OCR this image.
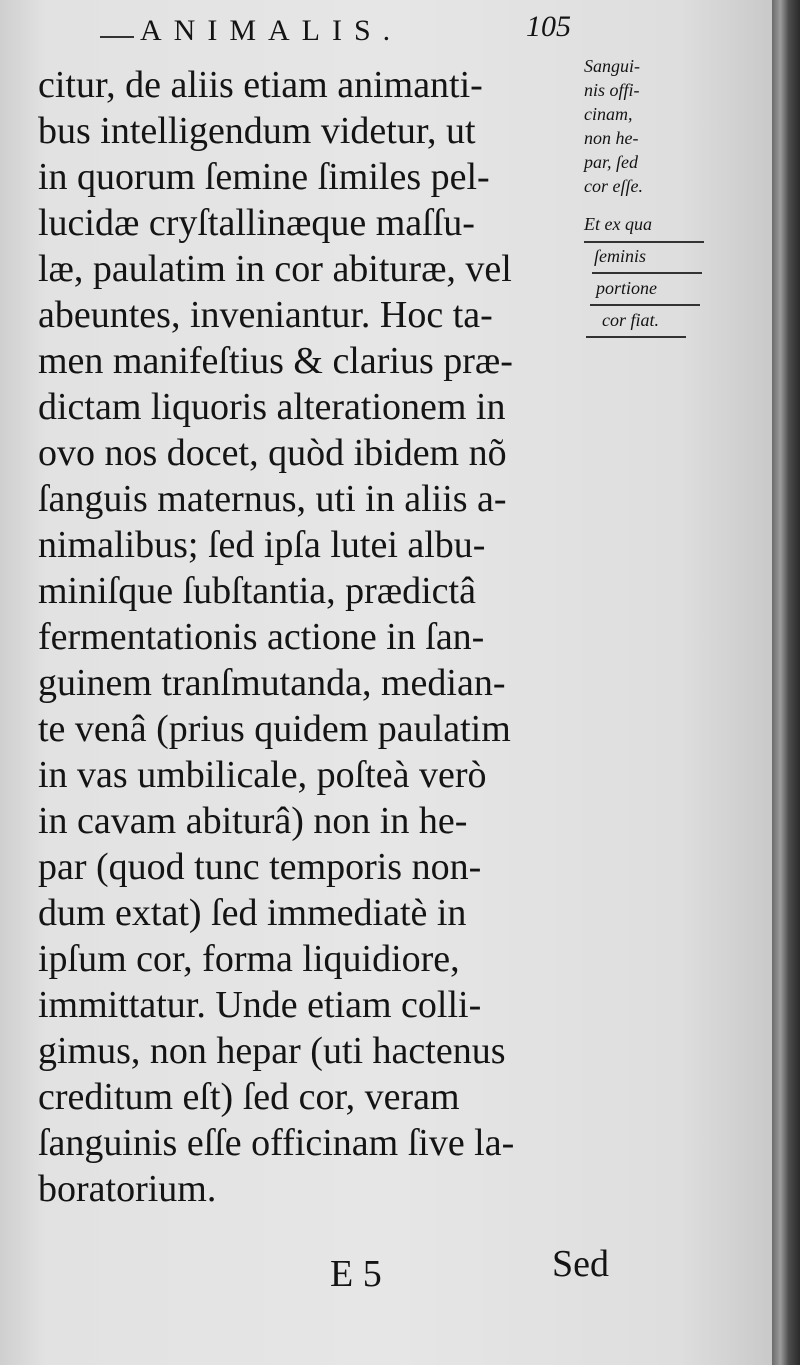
ANIMALIS.	105
citur, de aliis etiam animanti-
bus intelligendum videtur, ut
in quorum ſemine ſimiles pel-
lucidæ cryſtallinæque maſſu-
læ, paulatim in cor abituræ, vel
abeuntes, inveniantur. Hoc ta-
men manifeſtius & clarius præ-
dictam liquoris alterationem in
ovo nos docet, quòd ibidem nõ
ſanguis maternus, uti in aliis a-
nimalibus; ſed ipſa lutei albu-
miniſque ſubſtantia, prædictâ
fermentationis actione in ſan-
guinem tranſmutanda, median-
te venâ (prius quidem paulatim
in vas umbilicale, poſteà verò
in cavam abiturâ) non in he-
par (quod tunc temporis non-
dum extat) ſed immediatè in
ipſum cor, forma liquidiore,
immittatur. Unde etiam colli-
gimus, non hepar (uti hactenus
creditum eſt) ſed cor, veram
ſanguinis eſſe officinam ſive la-
boratorium.
Sangui-
nis offi-
cinam,
non he-
par, ſed
cor eſſe.
Et ex qua
ſeminis
portione
cor fiat.
E 5	Sed
